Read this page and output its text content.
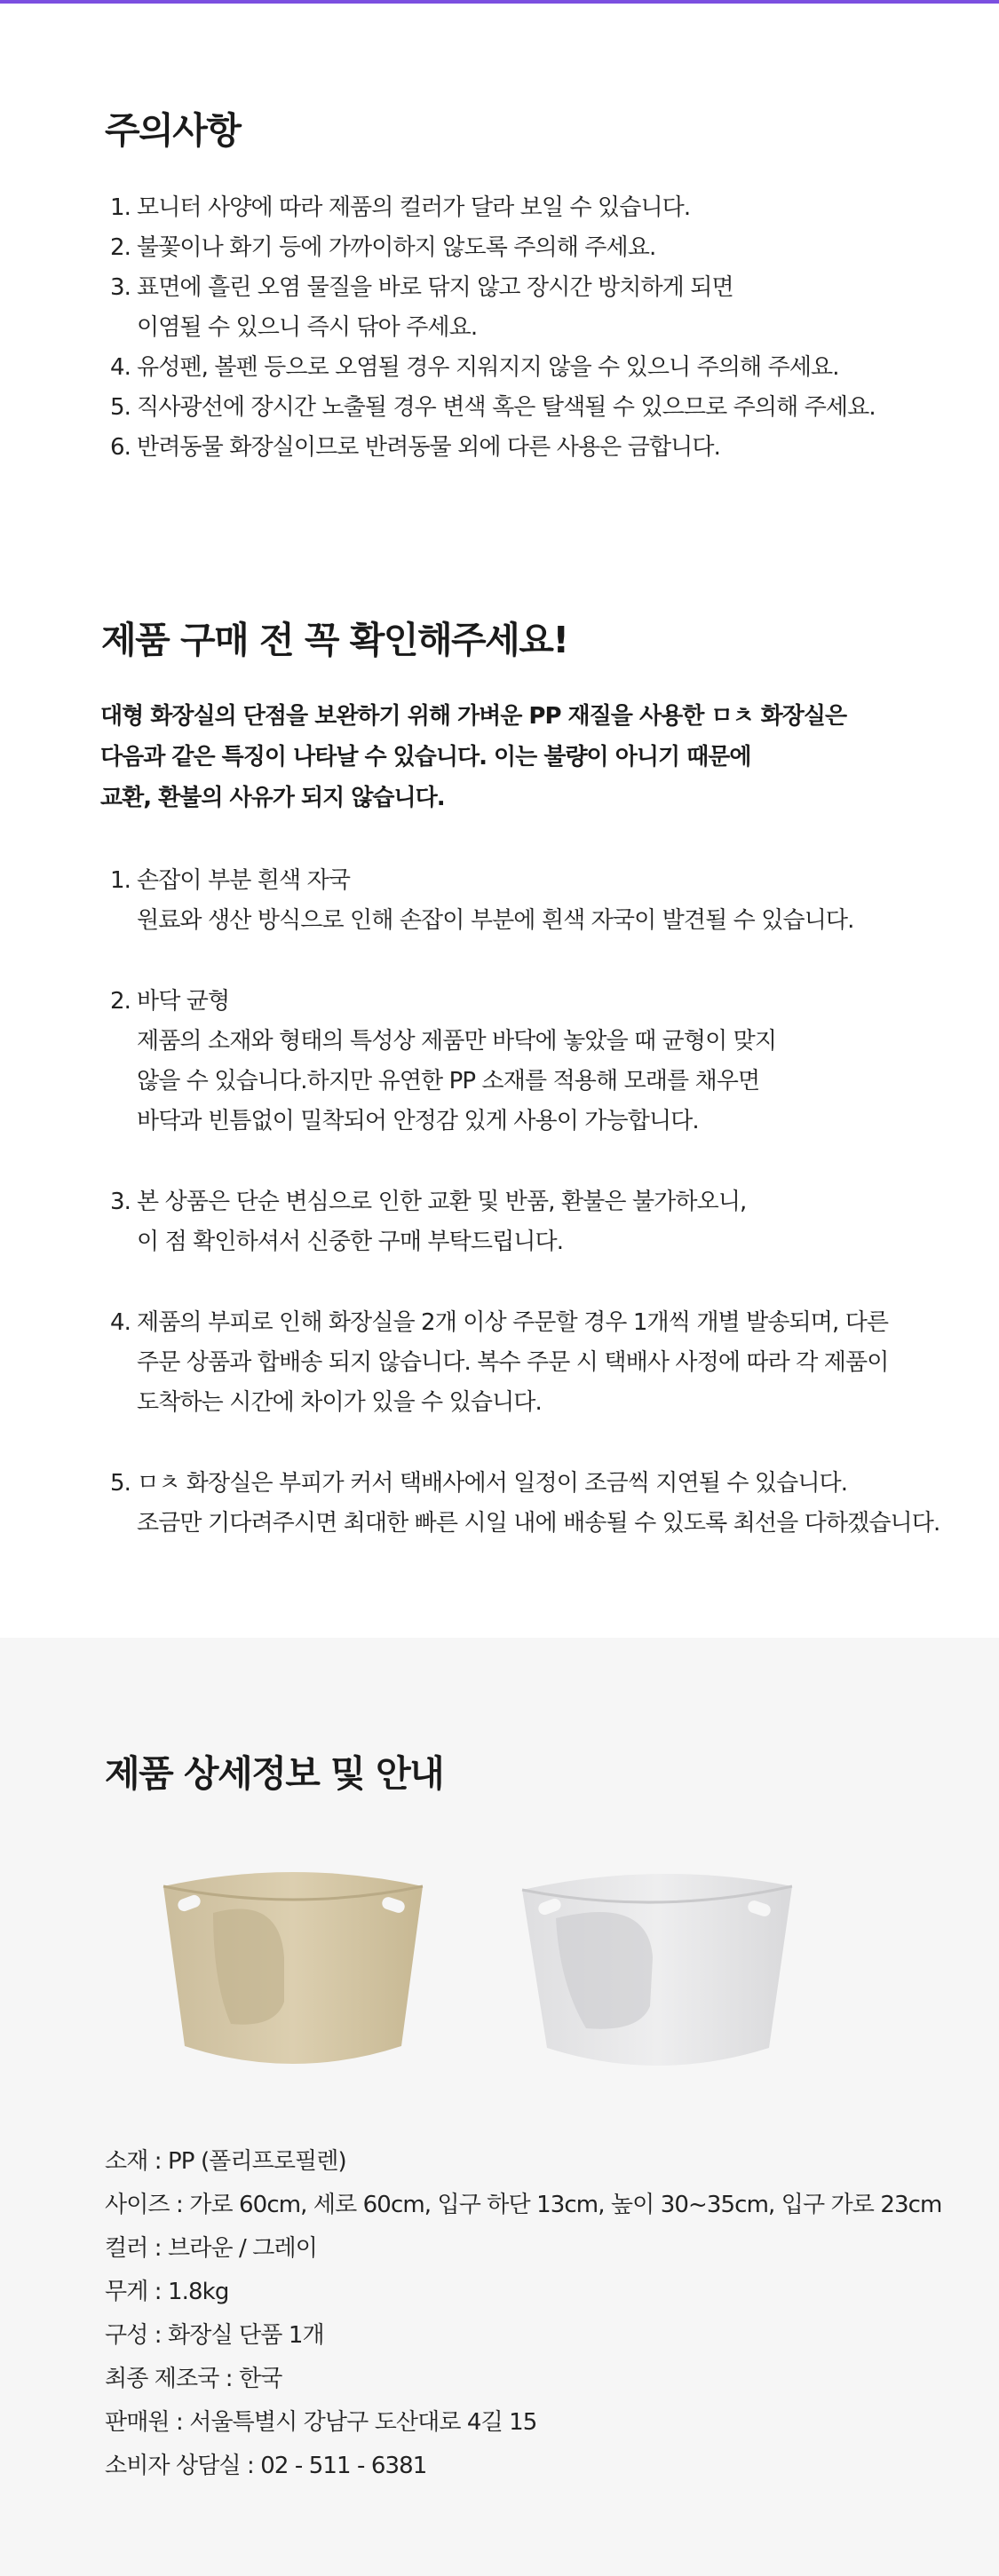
주의사항
1. 모니터 사양에 따라 제품의 컬러가 달라 보일 수 있습니다.
2. 불꽃이나 화기 등에 가까이하지 않도록 주의해 주세요.
3. 표면에 흘린 오염 물질을 바로 닦지 않고 장시간 방치하게 되면
이염될 수 있으니 즉시 닦아 주세요.
4. 유성펜, 볼펜 등으로 오염될 경우 지워지지 않을 수 있으니 주의해 주세요.
5. 직사광선에 장시간 노출될 경우 변색 혹은 탈색될 수 있으므로 주의해 주세요.
6. 반려동물 화장실이므로 반려동물 외에 다른 사용은 금합니다.
제품 구매 전 꼭 확인해주세요!
대형 화장실의 단점을 보완하기 위해 가벼운 PP 재질을 사용한 ㅁㅊ 화장실은
다음과 같은 특징이 나타날 수 있습니다. 이는 불량이 아니기 때문에
교환, 환불의 사유가 되지 않습니다.
1. 손잡이 부분 흰색 자국
원료와 생산 방식으로 인해 손잡이 부분에 흰색 자국이 발견될 수 있습니다.
2. 바닥 균형
제품의 소재와 형태의 특성상 제품만 바닥에 놓았을 때 균형이 맞지
않을 수 있습니다.하지만 유연한 PP 소재를 적용해 모래를 채우면
바닥과 빈틈없이 밀착되어 안정감 있게 사용이 가능합니다.
3. 본 상품은 단순 변심으로 인한 교환 및 반품, 환불은 불가하오니,
이 점 확인하셔서 신중한 구매 부탁드립니다.
4. 제품의 부피로 인해 화장실을 2개 이상 주문할 경우 1개씩 개별 발송되며, 다른
주문 상품과 합배송 되지 않습니다. 복수 주문 시 택배사 사정에 따라 각 제품이
도착하는 시간에 차이가 있을 수 있습니다.
5. ㅁㅊ 화장실은 부피가 커서 택배사에서 일정이 조금씩 지연될 수 있습니다.
조금만 기다려주시면 최대한 빠른 시일 내에 배송될 수 있도록 최선을 다하겠습니다.
제품 상세정보 및 안내
소재 : PP (폴리프로필렌)
사이즈 : 가로 60cm, 세로 60cm, 입구 하단 13cm, 높이 30~35cm, 입구 가로 23cm
컬러 : 브라운 / 그레이
무게 : 1.8kg
구성 : 화장실 단품 1개
최종 제조국 : 한국
판매원 : 서울특별시 강남구 도산대로 4길 15
소비자 상담실 : 02 - 511 - 6381
